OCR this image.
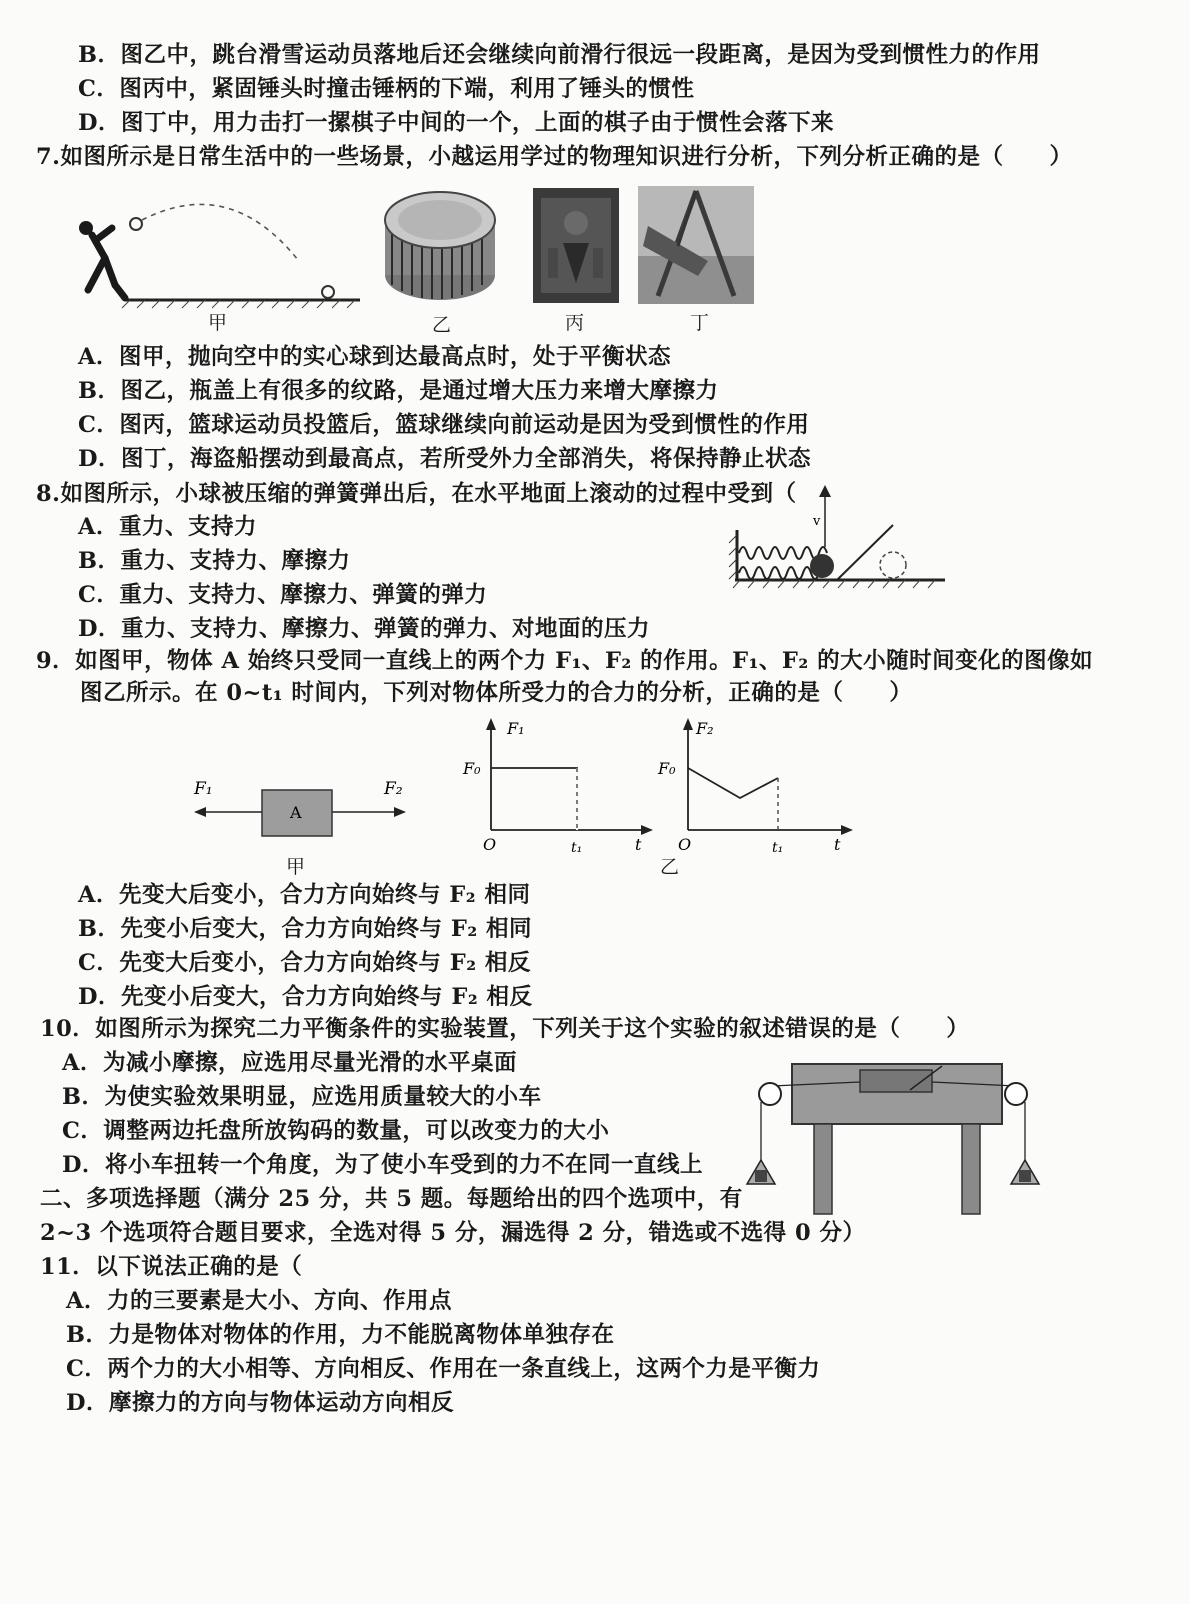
B．图乙中，跳台滑雪运动员落地后还会继续向前滑行很远一段距离，是因为受到惯性力的作用
C．图丙中，紧固锤头时撞击锤柄的下端，利用了锤头的惯性
D．图丁中，用力击打一摞棋子中间的一个，上面的棋子由于惯性会落下来
7.如图所示是日常生活中的一些场景，小越运用学过的物理知识进行分析，下列分析正确的是（　　）
甲	乙	丙	丁
A．图甲，抛向空中的实心球到达最高点时，处于平衡状态
B．图乙，瓶盖上有很多的纹路，是通过增大压力来增大摩擦力
C．图丙，篮球运动员投篮后，篮球继续向前运动是因为受到惯性的作用
D．图丁，海盗船摆动到最高点，若所受外力全部消失，将保持静止状态
8.如图所示，小球被压缩的弹簧弹出后，在水平地面上滚动的过程中受到（　
A．重力、支持力
B．重力、支持力、摩擦力
C．重力、支持力、摩擦力、弹簧的弹力
D．重力、支持力、摩擦力、弹簧的弹力、对地面的压力
v
9．如图甲，物体 A 始终只受同一直线上的两个力 F₁、F₂ 的作用。F₁、F₂ 的大小随时间变化的图像如
图乙所示。在 0~t₁ 时间内，下列对物体所受力的合力的分析，正确的是（　　）
A
F₁	F₂
甲
F₁
F₀
O	t₁	t
F₂
F₀
O	t₁	t
乙
A．先变大后变小，合力方向始终与 F₂ 相同
B．先变小后变大，合力方向始终与 F₂ 相同
C．先变大后变小，合力方向始终与 F₂ 相反
D．先变小后变大，合力方向始终与 F₂ 相反
10．如图所示为探究二力平衡条件的实验装置，下列关于这个实验的叙述错误的是（　　）
A．为减小摩擦，应选用尽量光滑的水平桌面
B．为使实验效果明显，应选用质量较大的小车
C．调整两边托盘所放钩码的数量，可以改变力的大小
D．将小车扭转一个角度，为了使小车受到的力不在同一直线上
二、多项选择题（满分 25 分，共 5 题。每题给出的四个选项中，有
2~3 个选项符合题目要求，全选对得 5 分，漏选得 2 分，错选或不选得 0 分）
11．以下说法正确的是（
A．力的三要素是大小、方向、作用点
B．力是物体对物体的作用，力不能脱离物体单独存在
C．两个力的大小相等、方向相反、作用在一条直线上，这两个力是平衡力
D．摩擦力的方向与物体运动方向相反
